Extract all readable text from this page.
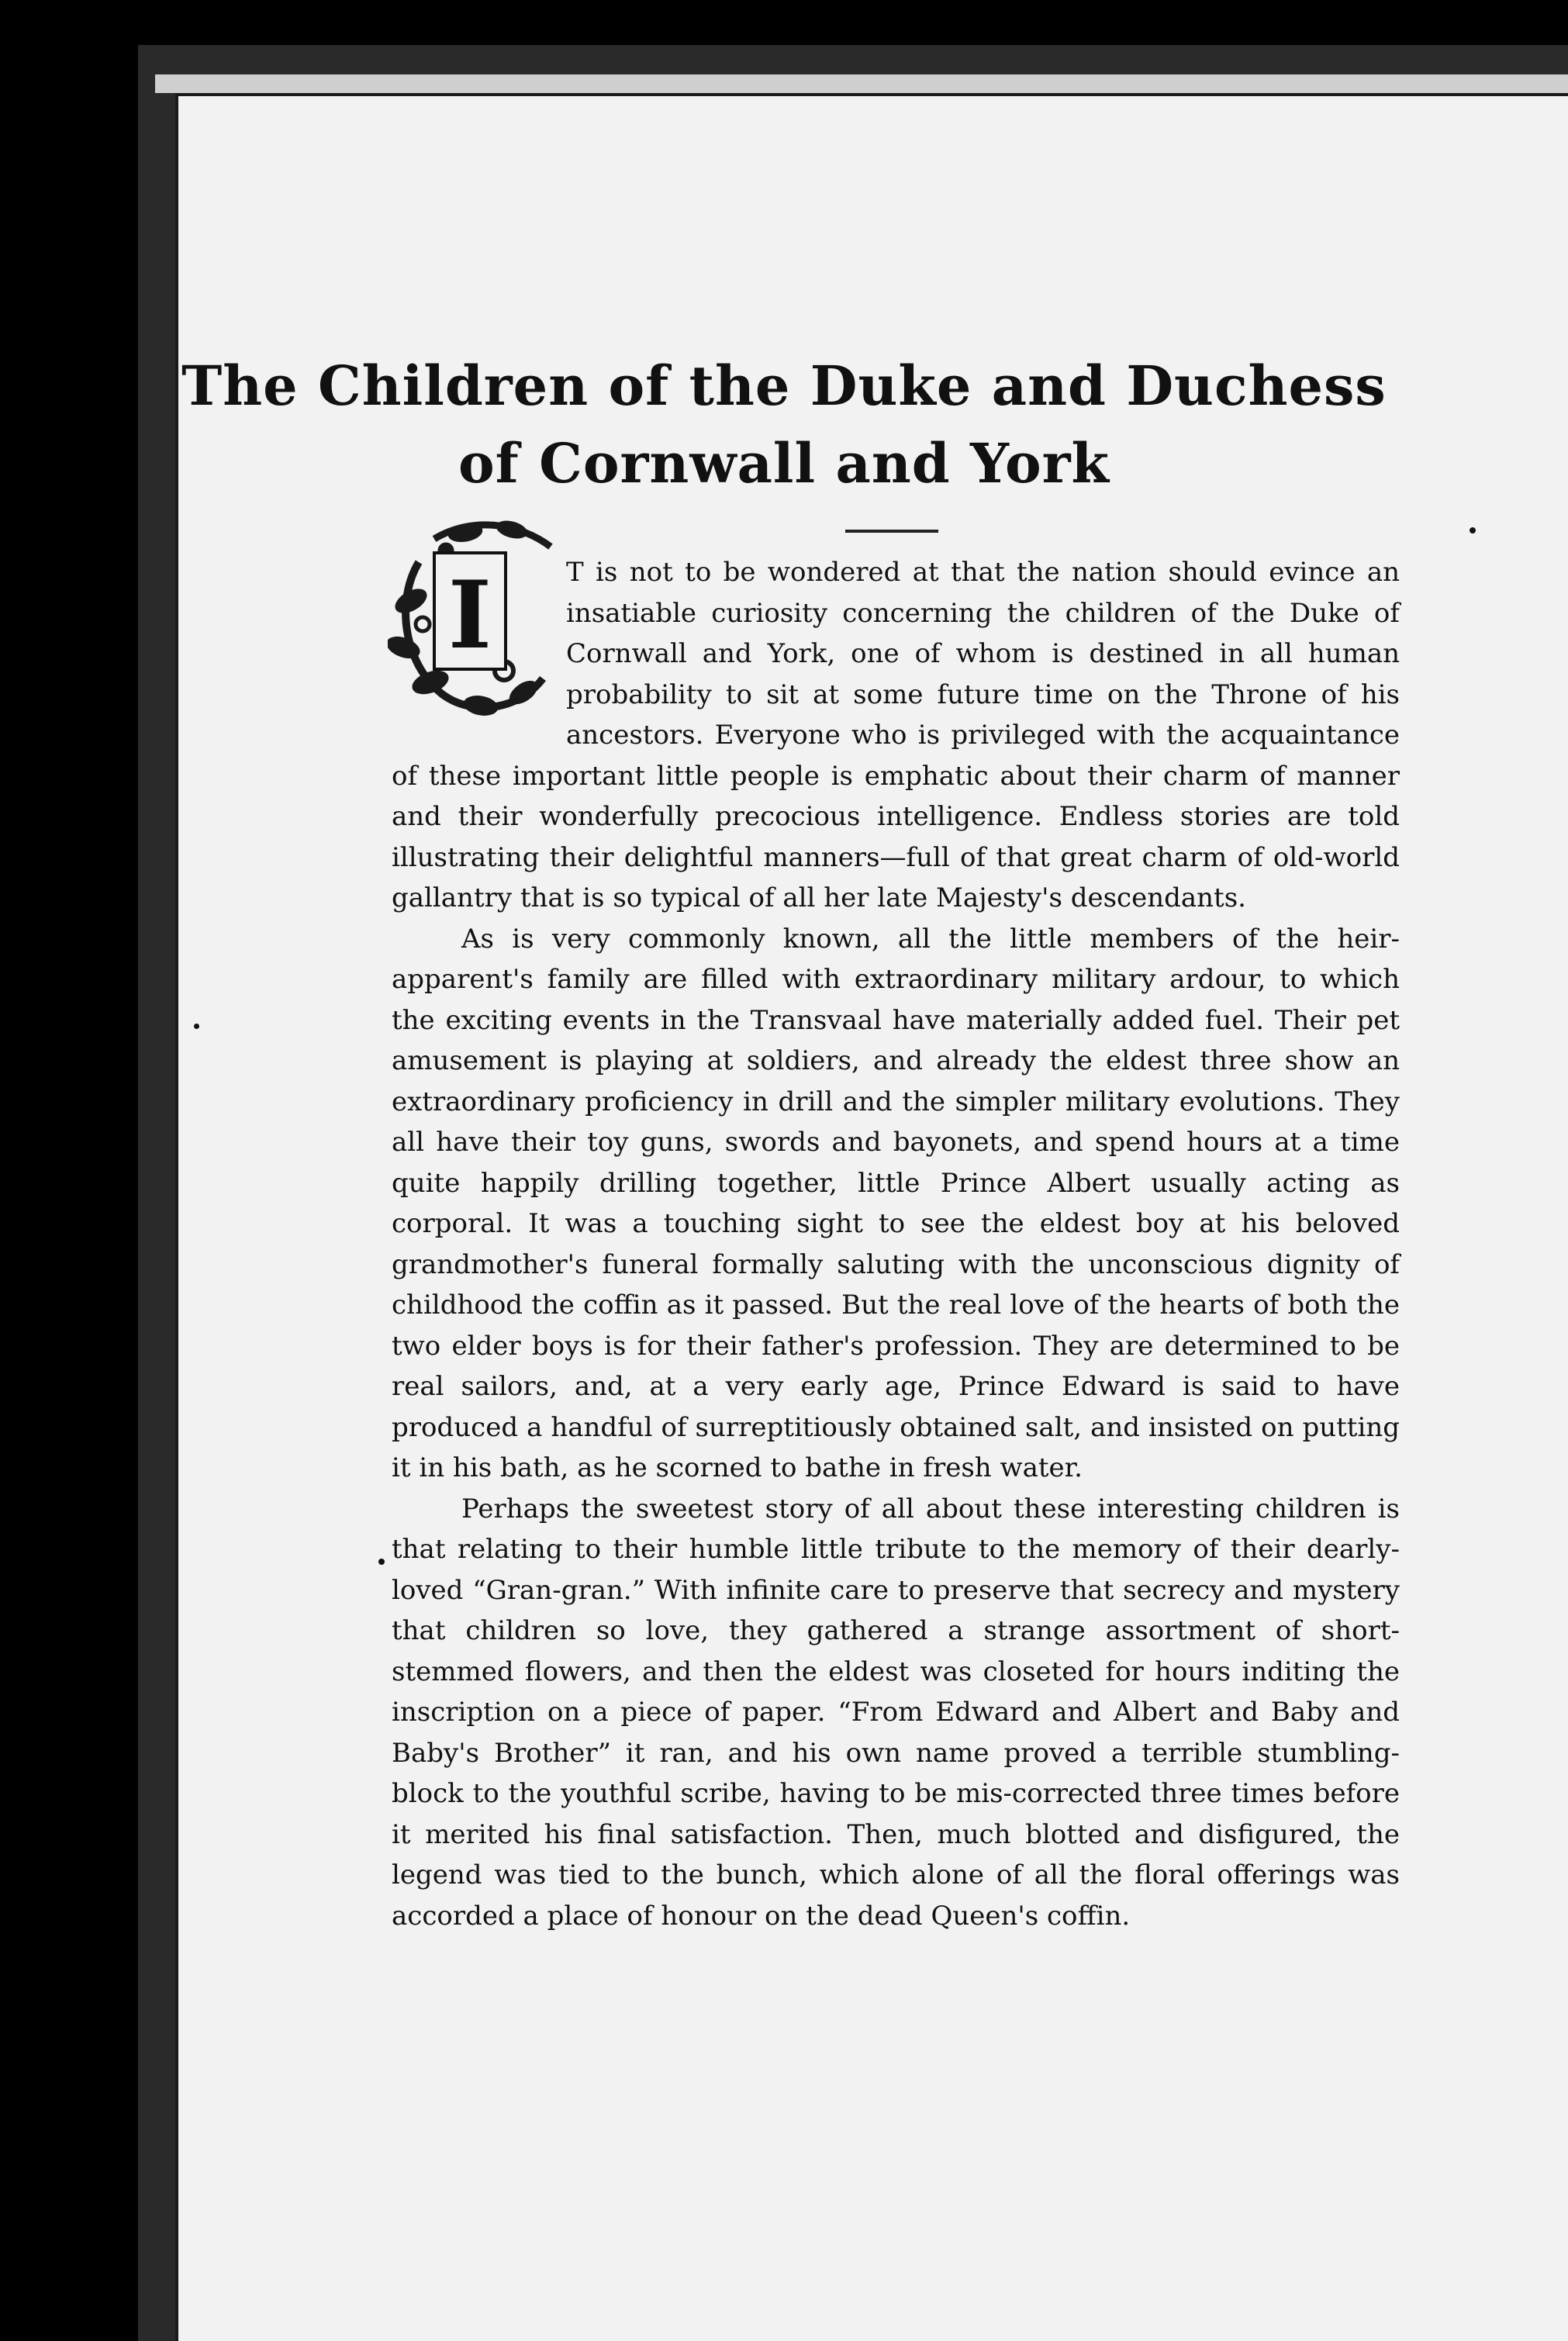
The Children of the Duke and Duchess
of Cornwall and York
I	T is not to be wondered at that the nation should evince an insatiable curiosity concerning the children of the Duke of Cornwall and York, one of whom is destined in all human probability to sit at some future time on the Throne of his ancestors. Everyone who is privileged with the acquaintance of these important little people is emphatic about their charm of manner and their wonderfully precocious intelligence. Endless stories are told illustrating their delightful manners—full of that great charm of old-world gallantry that is so typical of all her late Majesty's descendants.

As is very commonly known, all the little members of the heir-apparent's family are filled with extraordinary military ardour, to which the exciting events in the Transvaal have materially added fuel. Their pet amusement is playing at soldiers, and already the eldest three show an extraordinary proficiency in drill and the simpler military evolutions. They all have their toy guns, swords and bayonets, and spend hours at a time quite happily drilling together, little Prince Albert usually acting as corporal. It was a touching sight to see the eldest boy at his beloved grandmother's funeral formally saluting with the unconscious dignity of childhood the coffin as it passed. But the real love of the hearts of both the two elder boys is for their father's profession. They are determined to be real sailors, and, at a very early age, Prince Edward is said to have produced a handful of surreptitiously obtained salt, and insisted on putting it in his bath, as he scorned to bathe in fresh water.

Perhaps the sweetest story of all about these interesting children is that relating to their humble little tribute to the memory of their dearly-loved “Gran-gran.” With infinite care to preserve that secrecy and mystery that children so love, they gathered a strange assortment of short-stemmed flowers, and then the eldest was closeted for hours inditing the inscription on a piece of paper. “From Edward and Albert and Baby and Baby's Brother” it ran, and his own name proved a terrible stumbling-block to the youthful scribe, having to be mis-corrected three times before it merited his final satisfaction. Then, much blotted and disfigured, the legend was tied to the bunch, which alone of all the floral offerings was accorded a place of honour on the dead Queen's coffin.
